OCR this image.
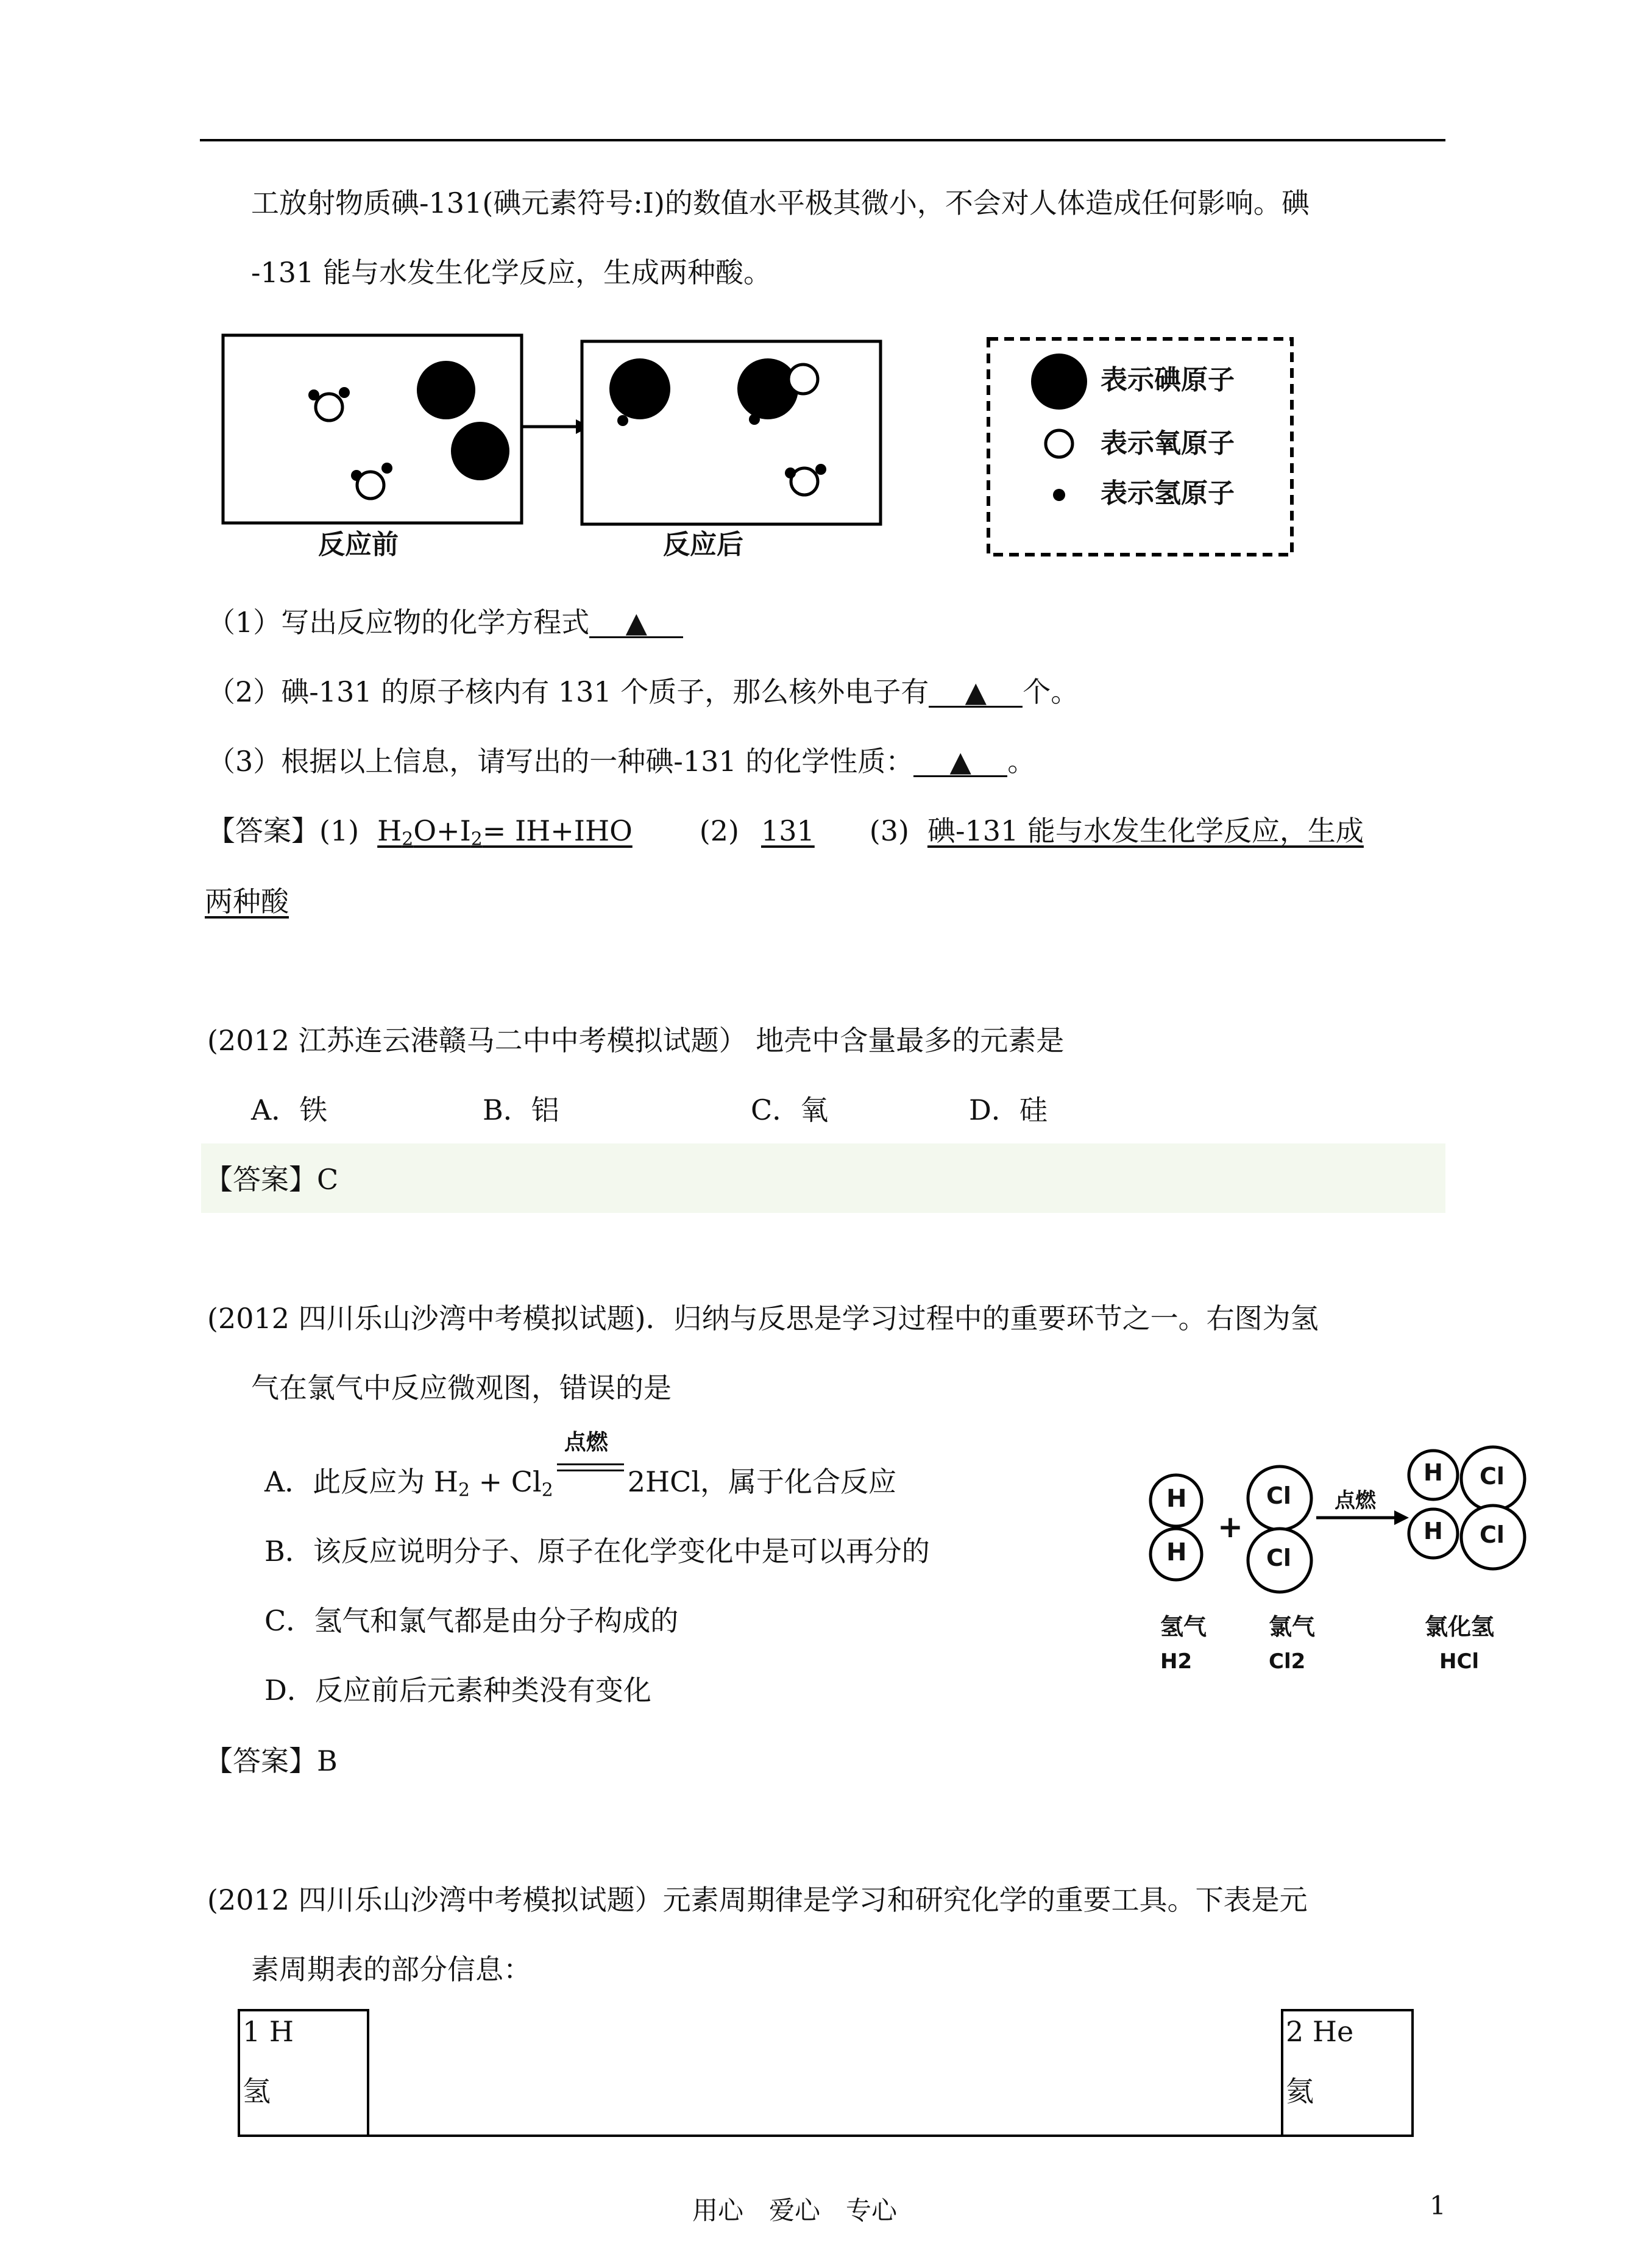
工放射物质碘-131(碘元素符号:I)的数值水平极其微小，不会对人体造成任何影响。碘
-131 能与水发生化学反应，生成两种酸。
反应前	反应后
表示碘原子
表示氧原子
表示氢原子
（1）写出反应物的化学方程式 ▲
（2）碘-131 的原子核内有 131 个质子，那么核外电子有 ▲ 个。
（3）根据以上信息，请写出的一种碘-131 的化学性质： ▲ 。
【答案】(1) $H_2O+I_2= IH+IHO$ (2) 131 (3) 碘-131 能与水发生化学反应，生成
两种酸
(2012 江苏连云港赣马二中中考模拟试题） 地壳中含量最多的元素是
A．铁	B．铝	C．氧	D．硅
【答案】C
(2012 四川乐山沙湾中考模拟试题)．归纳与反思是学习过程中的重要环节之一。右图为氢
气在氯气中反应微观图，错误的是
A．此反应为 $H_2 + Cl_2$
点燃
2HCl，属于化合反应
B．该反应说明分子、原子在化学变化中是可以再分的
C．氢气和氯气都是由分子构成的
D．反应前后元素种类没有变化
【答案】B
H
H
Cl
Cl
H Cl
H Cl
+
点燃
氢气	氯气	氯化氢
H2	Cl2	HCl
(2012 四川乐山沙湾中考模拟试题）元素周期律是学习和研究化学的重要工具。下表是元
素周期表的部分信息：
1 H
氢
2 He
氦
用心　爱心　专心	1
